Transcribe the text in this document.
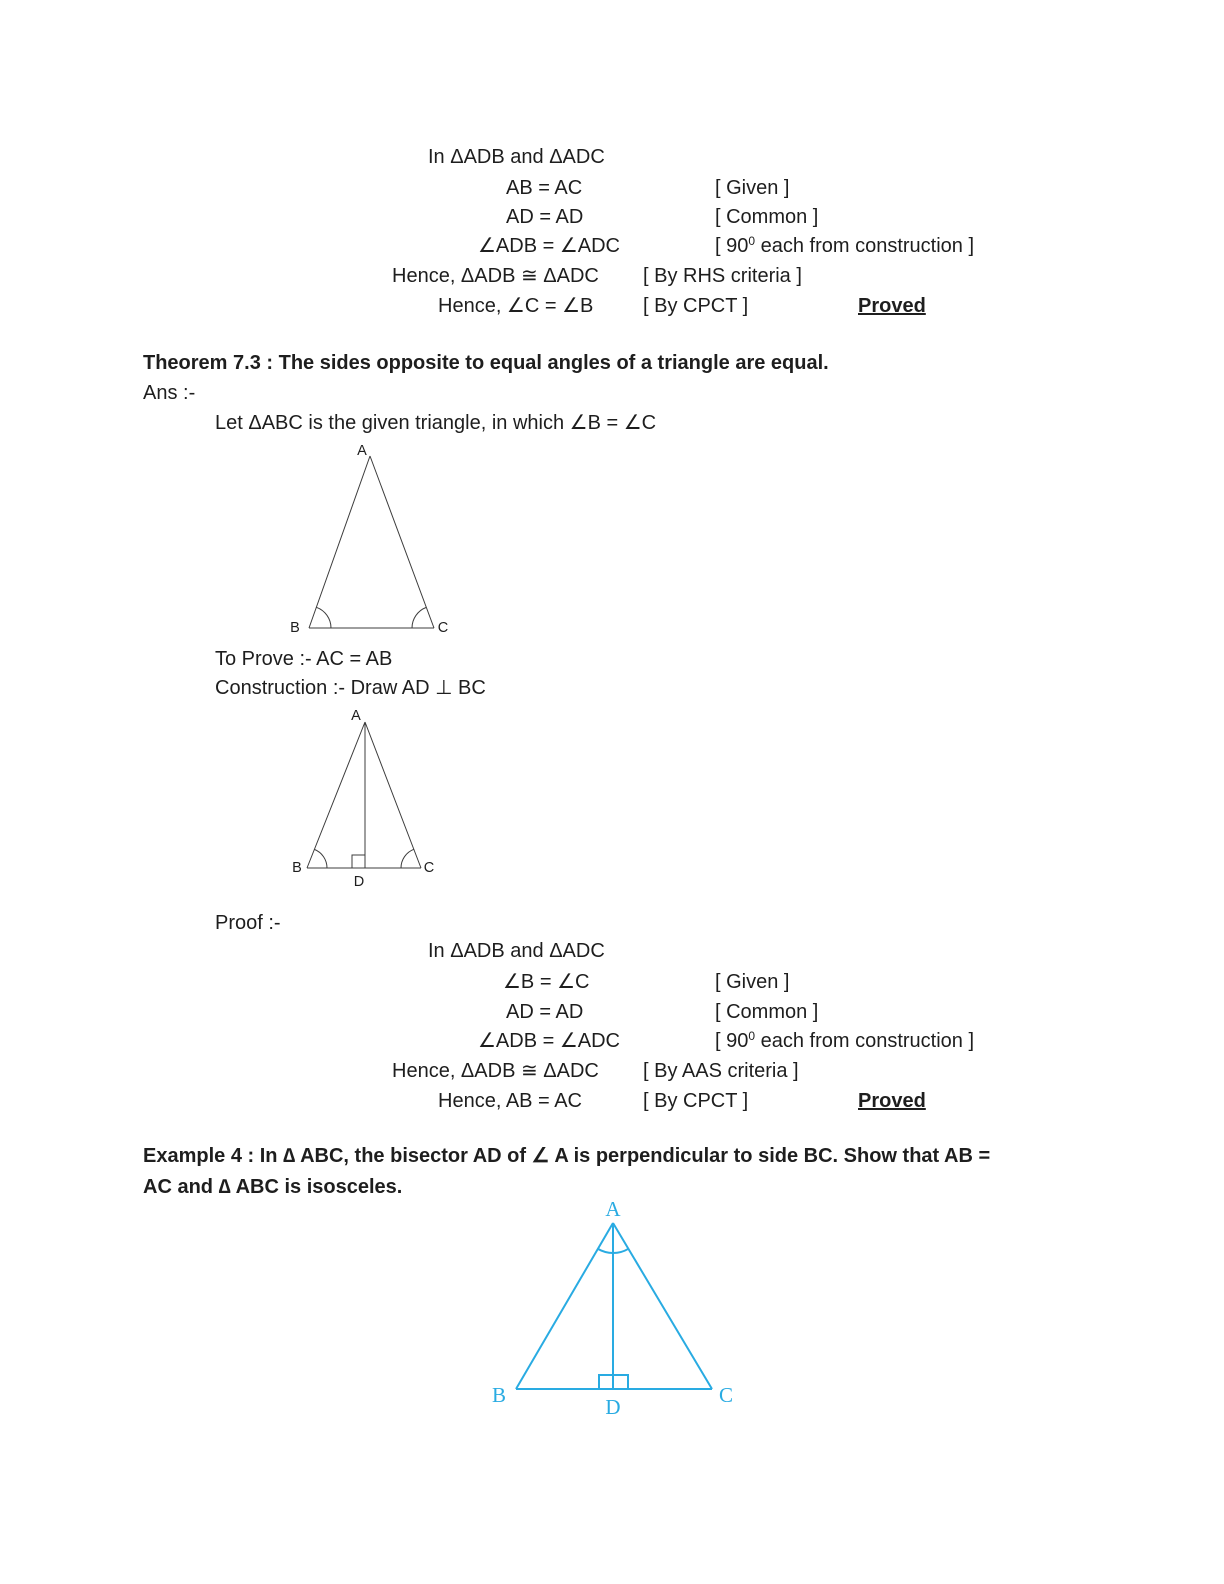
In ΔADB and ΔADC
AB = AC	[ Given ]
AD = AD	[ Common ]
∠ADB = ∠ADC	[ $90^0$ each from construction ]
Hence, ΔADB ≅ ΔADC [ By RHS criteria ]
Hence, ∠C = ∠B [ By CPCT ]	Proved
Theorem 7.3 : The sides opposite to equal angles of a triangle are equal.
Ans :-
Let ΔABC is the given triangle, in which ∠B = ∠C
A
B	C
To Prove :- AC = AB
Construction :- Draw AD ⊥ BC
A
B	C
D
Proof :-
In ΔADB and ΔADC
∠B = ∠C	[ Given ]
AD = AD	[ Common ]
∠ADB = ∠ADC	[ $90^0$ each from construction ]
Hence, ΔADB ≅ ΔADC [ By AAS criteria ]
Hence, AB = AC	[ By CPCT ]	Proved
Example 4 : In ∆ ABC, the bisector AD of ∠ A is perpendicular to side BC. Show that AB =
AC and ∆ ABC is isosceles.
A
B	C
D
